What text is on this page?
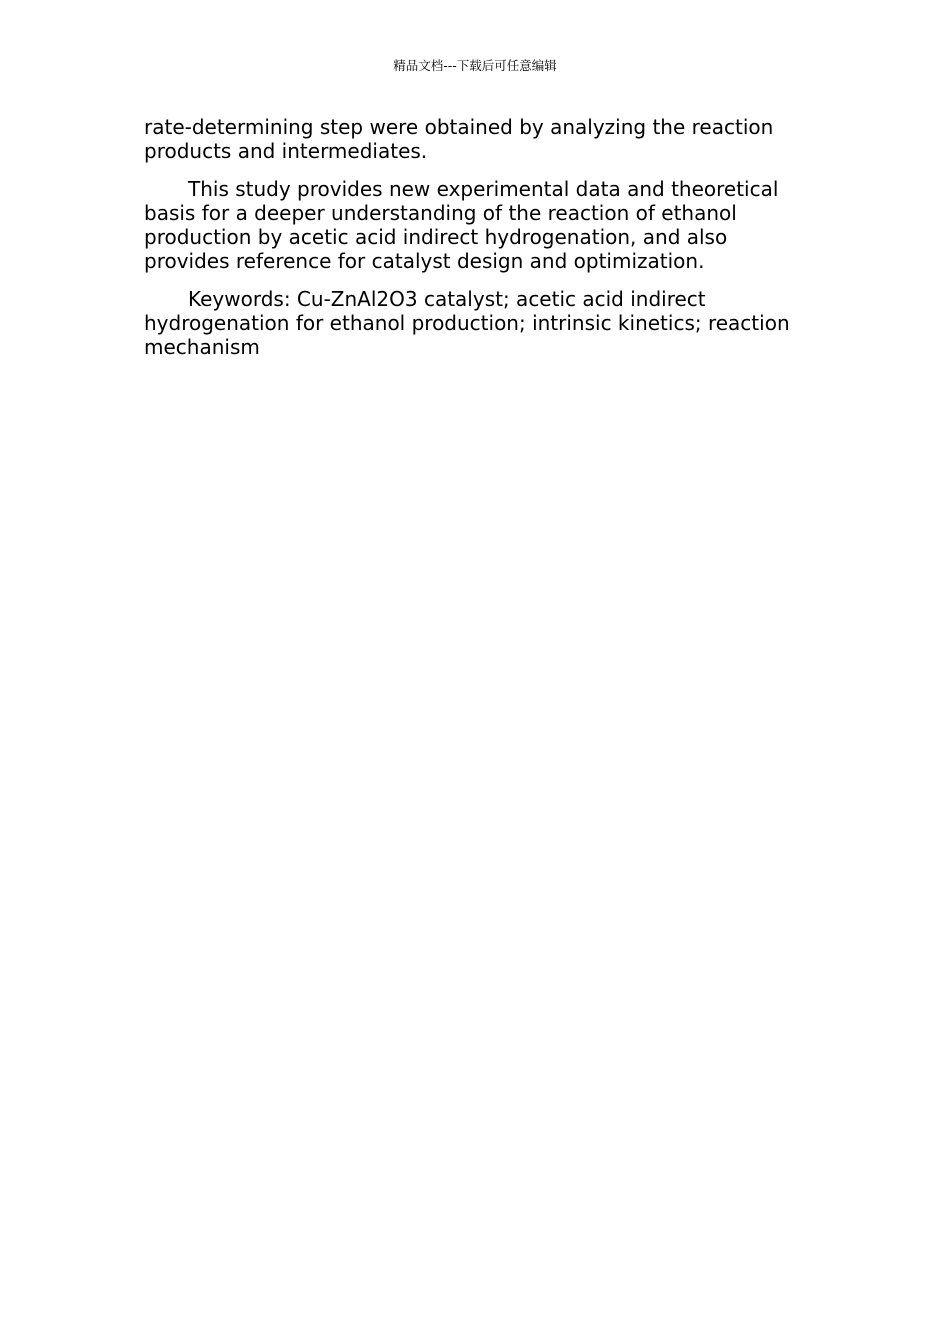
精品文档---下载后可任意编辑

rate-determining step were obtained by analyzing the reaction products and intermediates.

This study provides new experimental data and theoretical basis for a deeper understanding of the reaction of ethanol production by acetic acid indirect hydrogenation, and also provides reference for catalyst design and optimization.

Keywords: Cu-ZnAl2O3 catalyst; acetic acid indirect hydrogenation for ethanol production; intrinsic kinetics; reaction mechanism
